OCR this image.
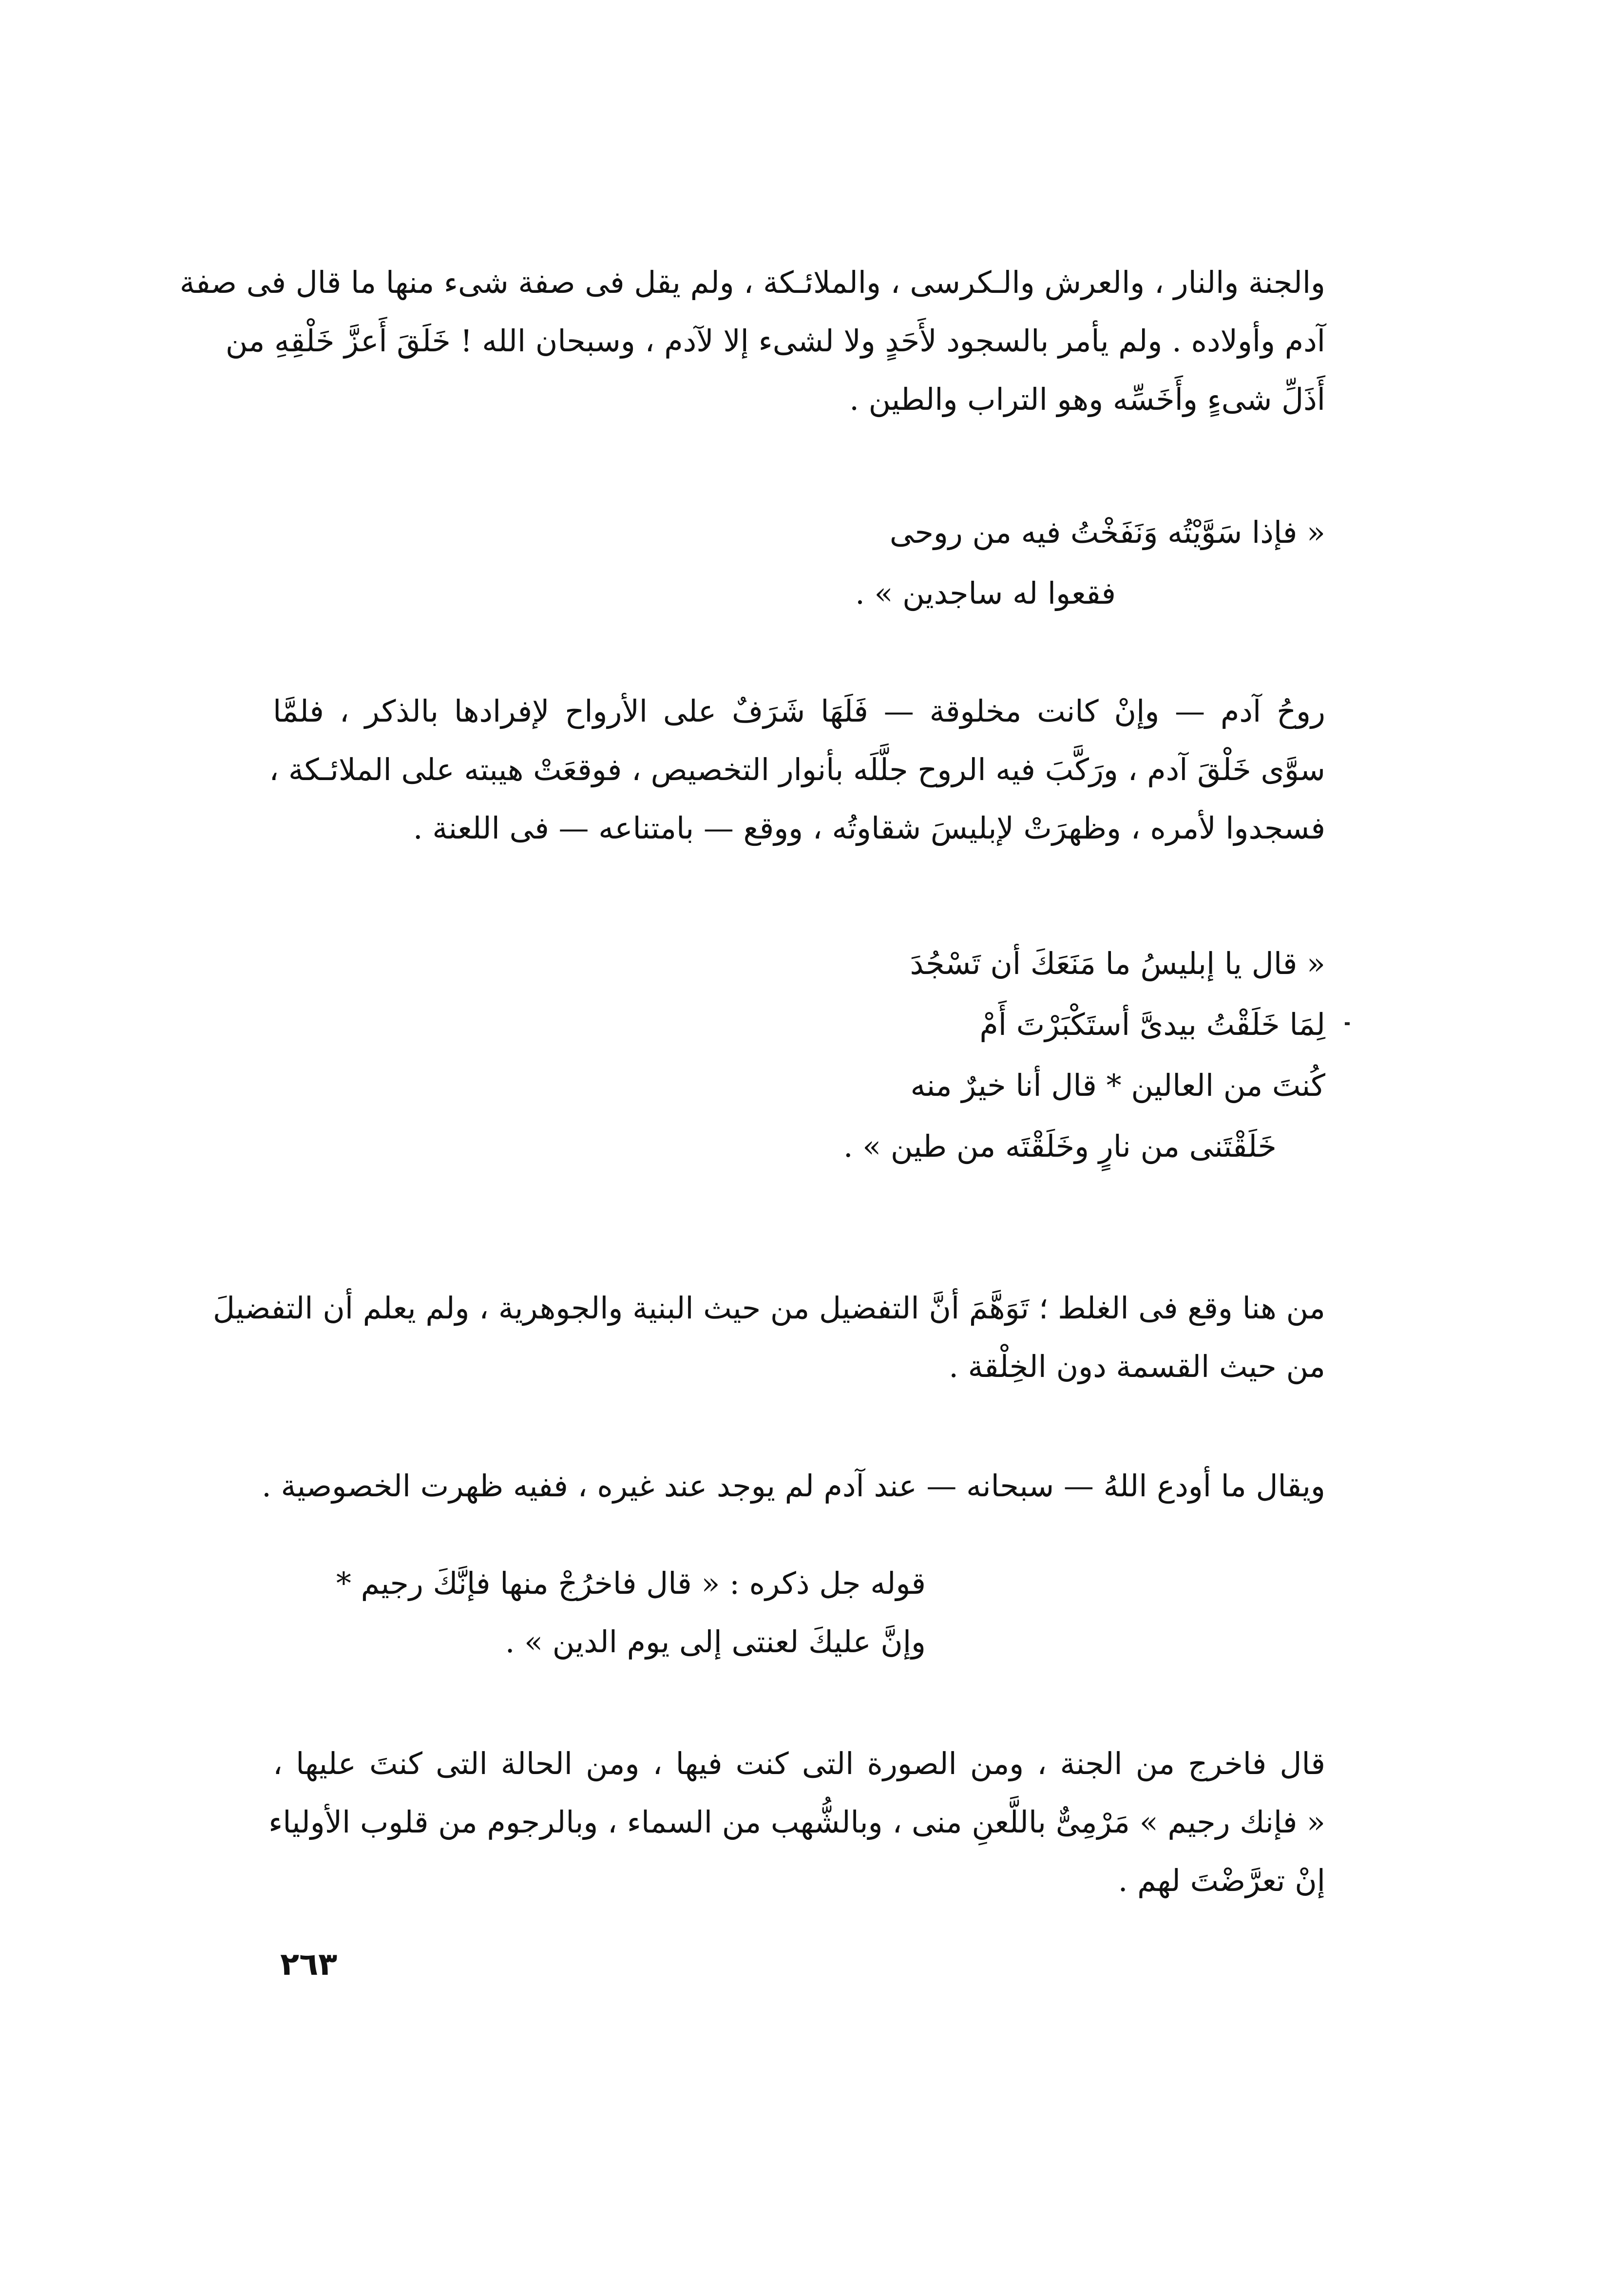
والجنة والنار ، والعرش والـكرسى ، والملائـكة ، ولم يقل فى صفة شىء منها ما قال فى صفة
آدم وأولاده . ولم يأمر بالسجود لأَحَدٍ ولا لشىء إلا لآدم ، وسبحان الله ! خَلَقَ أَعزَّ خَلْقِهِ من
أَذَلِّ شىءٍ وأَخَسِّه وهو التراب والطين .
« فإذا سَوَّيْتُه وَنَفَخْتُ فيه من روحى
فقعوا له ساجدين » .
روحُ آدم — وإنْ كانت مخلوقة — فَلَهَا شَرَفٌ على الأرواح لإفرادها بالذكر ، فلمَّا
سوَّى خَلْقَ آدم ، ورَكَّبَ فيه الروح جلَّلَه بأنوار التخصيص ، فوقعَتْ هيبته على الملائـكة ،
فسجدوا لأمره ، وظهرَتْ لإبليسَ شقاوتُه ، ووقع — بامتناعه — فى اللعنة .
« قال يا إبليسُ ما مَنَعَكَ أن تَسْجُدَ
لِمَا خَلَقْتُ بيدىَّ أستَكْبَرْتَ أَمْ
كُنتَ من العالين * قال أنا خيرٌ منه
خَلَقْتَنى من نارٍ وخَلَقْتَه من طين » .
من هنا وقع فى الغلط ؛ تَوَهَّمَ أنَّ التفضيل من حيث البنية والجوهرية ، ولم يعلم أن التفضيلَ
من حيث القسمة دون الخِلْقة .
ويقال ما أودع اللهُ — سبحانه — عند آدم لم يوجد عند غيره ، ففيه ظهرت الخصوصية .
قوله جل ذكره : « قال فاخرُجْ منها فإنَّكَ رجيم *
وإنَّ عليكَ لعنتى إلى يوم الدين » .
قال فاخرج من الجنة ، ومن الصورة التى كنت فيها ، ومن الحالة التى كنتَ عليها ،
« فإنك رجيم » مَرْمِىٌّ باللَّعنِ منى ، وبالشُّهب من السماء ، وبالرجوم من قلوب الأولياء
إنْ تعرَّضْتَ لهم .
٢٦٣
